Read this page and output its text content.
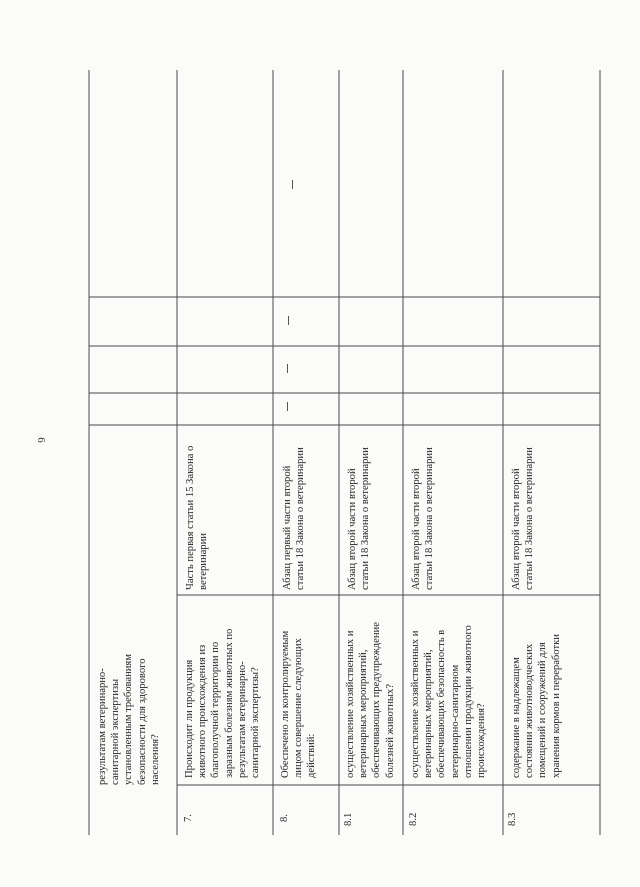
6
результатам ветеринарно- санитарной экспертизы установленным требованиям безопасности для здорового населения?
7.
Происходит ли продукция животного происхождения из благополучной территории по заразным болезням животных по результатам ветеринарно- санитарной экспертизы?
Часть первая статьи 15 Закона о ветеринарии
8.
Обеспечено ли контролируемым лицом совершение следующих действий:
Абзац первый части второй статьи 18 Закона о ветеринарии
8.1
осуществление хозяйственных и ветеринарных мероприятий, обеспечивающих предупреждение болезней животных?
Абзац второй части второй статьи 18 Закона о ветеринарии
8.2
осуществление хозяйственных и ветеринарных мероприятий, обеспечивающих безопасность в ветеринарно-санитарном отношении продукции животного происхождения?
Абзац второй части второй статьи 18 Закона о ветеринарии
8.3
содержание в надлежащем состоянии животноводческих помещений и сооружений для хранения кормов и переработки
Абзац второй части второй статьи 18 Закона о ветеринарии
